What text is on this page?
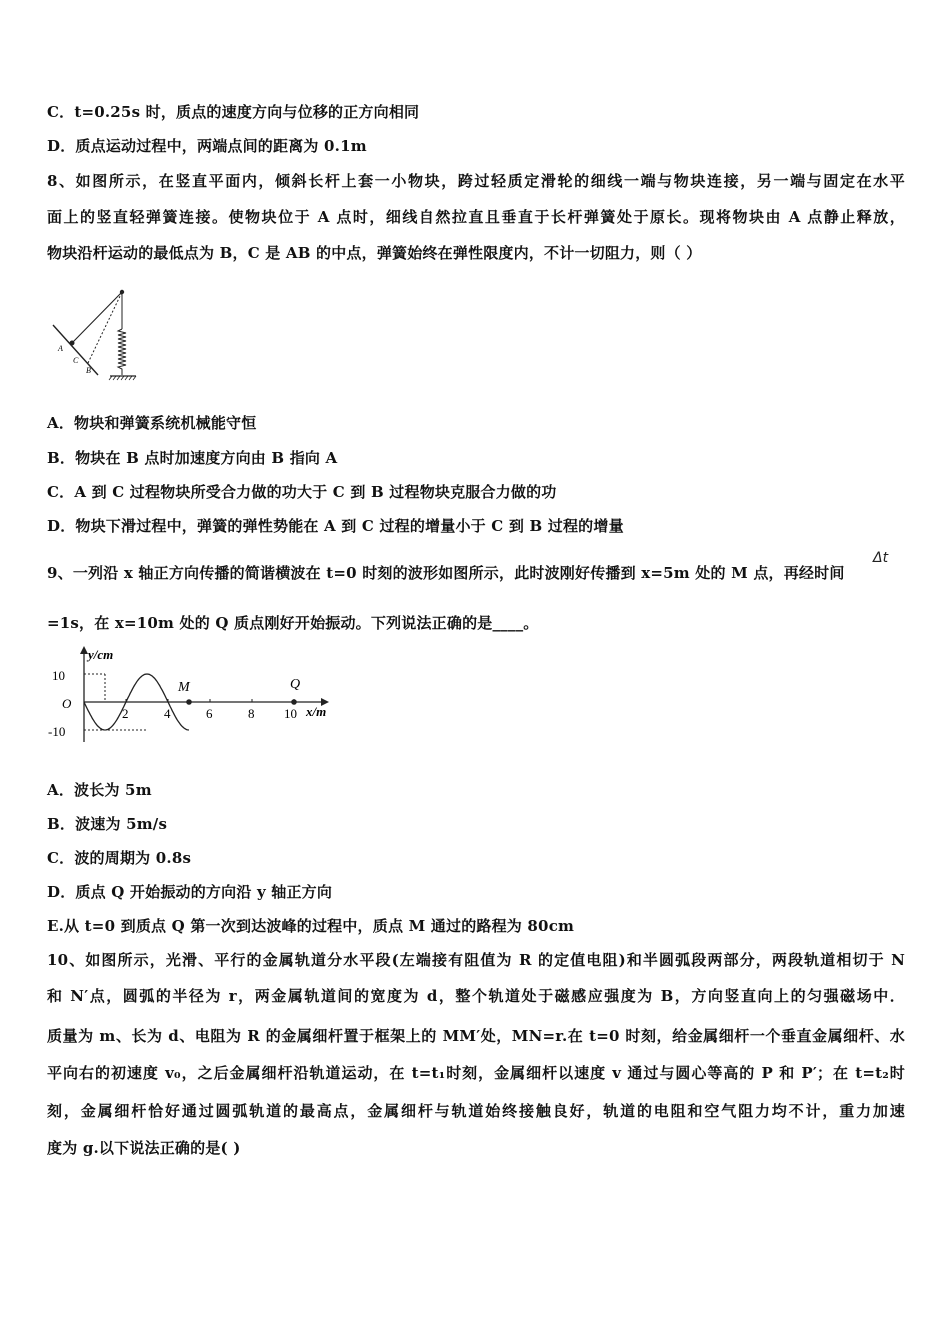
C．t=0.25s 时，质点的速度方向与位移的正方向相同
D．质点运动过程中，两端点间的距离为 0.1m
8、如图所示，在竖直平面内，倾斜长杆上套一小物块，跨过轻质定滑轮的细线一端与物块连接，另一端与固定在水平
面上的竖直轻弹簧连接。使物块位于 A 点时，细线自然拉直且垂直于长杆弹簧处于原长。现将物块由 A 点静止释放，
物块沿杆运动的最低点为 B，C 是 AB 的中点，弹簧始终在弹性限度内，不计一切阻力，则（ ）
A
C
B
A．物块和弹簧系统机械能守恒
B．物块在 B 点时加速度方向由 B 指向 A
C．A 到 C 过程物块所受合力做的功大于 C 到 B 过程物块克服合力做的功
D．物块下滑过程中，弹簧的弹性势能在 A 到 C 过程的增量小于 C 到 B 过程的增量
9、一列沿 x 轴正方向传播的简谐横波在 t=0 时刻的波形如图所示，此时波刚好传播到 x=5m 处的 M 点，再经时间
Δt
=1s，在 x=10m 处的 Q 质点刚好开始振动。下列说法正确的是____。
y/cm
x/m
O
10
-10
2	4	6	8 10
M	Q
A．波长为 5m
B．波速为 5m/s
C．波的周期为 0.8s
D．质点 Q 开始振动的方向沿 y 轴正方向
E.从 t=0 到质点 Q 第一次到达波峰的过程中，质点 M 通过的路程为 80cm
10、如图所示，光滑、平行的金属轨道分水平段(左端接有阻值为 R 的定值电阻)和半圆弧段两部分，两段轨道相切于 N
和 N′点，圆弧的半径为 r，两金属轨道间的宽度为 d，整个轨道处于磁感应强度为 B，方向竖直向上的匀强磁场中．
质量为 m、长为 d、电阻为 R 的金属细杆置于框架上的 MM′处，MN=r.在 t=0 时刻，给金属细杆一个垂直金属细杆、水
平向右的初速度 v₀，之后金属细杆沿轨道运动，在 t=t₁时刻，金属细杆以速度 v 通过与圆心等高的 P 和 P′；在 t=t₂时
刻，金属细杆恰好通过圆弧轨道的最高点，金属细杆与轨道始终接触良好，轨道的电阻和空气阻力均不计，重力加速
度为 g.以下说法正确的是( )
